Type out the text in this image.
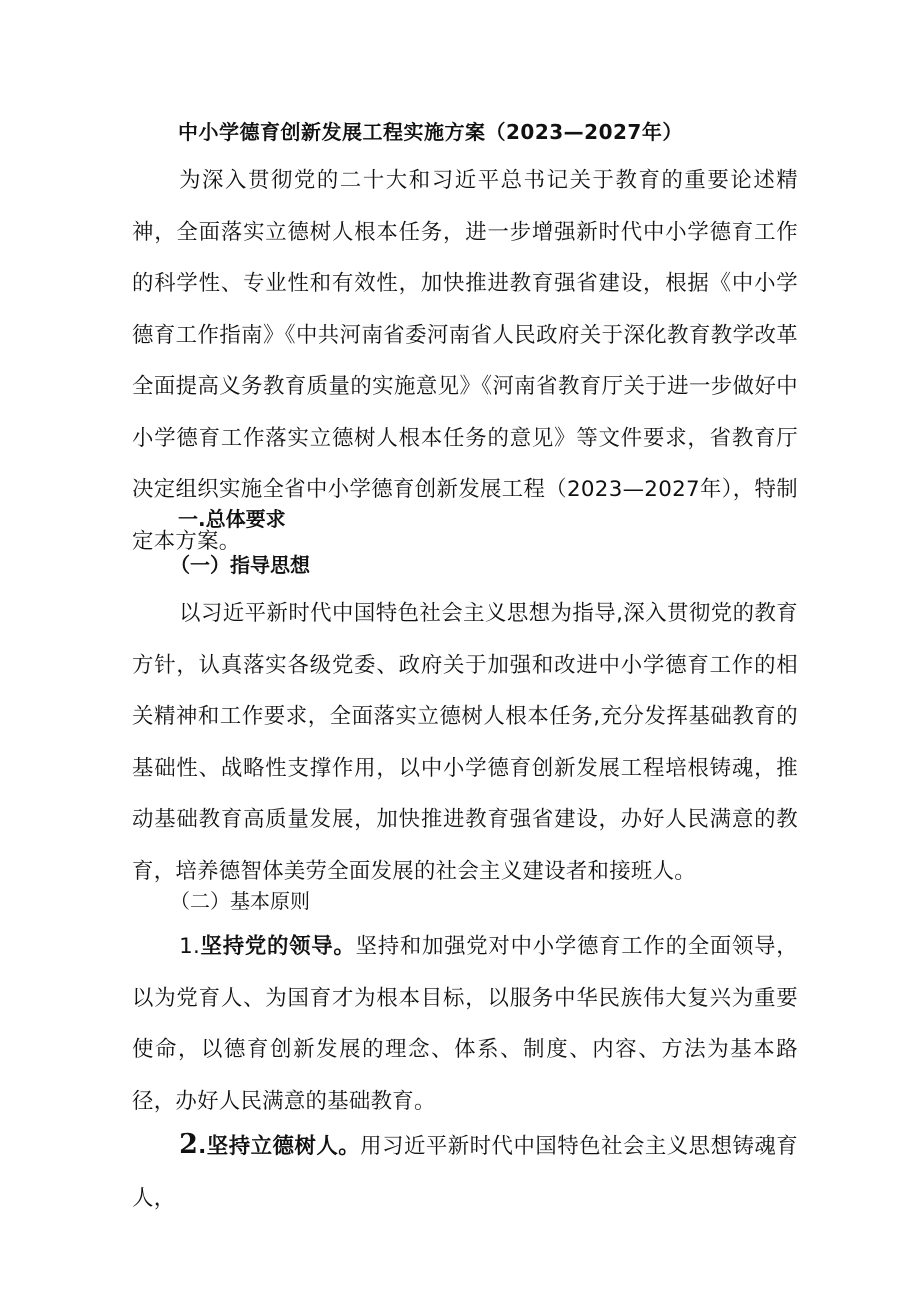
中小学德育创新发展工程实施方案（2023—2027年）

为深入贯彻党的二十大和习近平总书记关于教育的重要论述精神，全面落实立德树人根本任务，进一步增强新时代中小学德育工作的科学性、专业性和有效性，加快推进教育强省建设，根据《中小学德育工作指南》《中共河南省委河南省人民政府关于深化教育教学改革全面提高义务教育质量的实施意见》《河南省教育厅关于进一步做好中小学德育工作落实立德树人根本任务的意见》等文件要求，省教育厅决定组织实施全省中小学德育创新发展工程（2023—2027年），特制定本方案。

一.总体要求
（一）指导思想

以习近平新时代中国特色社会主义思想为指导,深入贯彻党的教育方针，认真落实各级党委、政府关于加强和改进中小学德育工作的相关精神和工作要求，全面落实立德树人根本任务,充分发挥基础教育的基础性、战略性支撑作用，以中小学德育创新发展工程培根铸魂，推动基础教育高质量发展，加快推进教育强省建设，办好人民满意的教育，培养德智体美劳全面发展的社会主义建设者和接班人。

（二）基本原则

1.坚持党的领导。坚持和加强党对中小学德育工作的全面领导，以为党育人、为国育才为根本目标，以服务中华民族伟大复兴为重要使命，以德育创新发展的理念、体系、制度、内容、方法为基本路径，办好人民满意的基础教育。

2.坚持立德树人。用习近平新时代中国特色社会主义思想铸魂育人，
